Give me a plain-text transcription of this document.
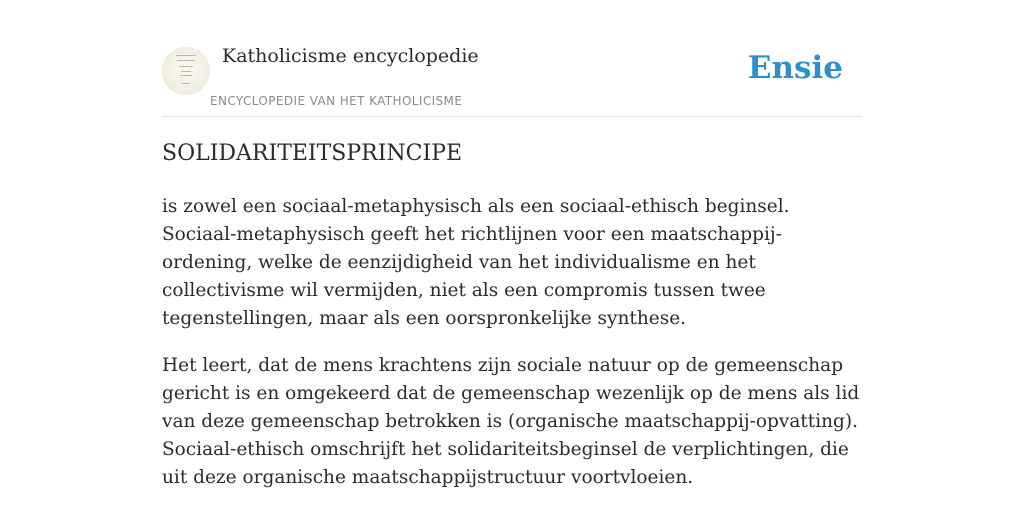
Katholicisme encyclopedie
ENCYCLOPEDIE VAN HET KATHOLICISME
Ensie
SOLIDARITEITSPRINCIPE

is zowel een sociaal-metaphysisch als een sociaal-ethisch beginsel. Sociaal-metaphysisch geeft het richtlijnen voor een maatschappij-ordening, welke de eenzijdigheid van het individualisme en het collectivisme wil vermijden, niet als een compromis tussen twee tegenstellingen, maar als een oorspronkelijke synthese.

Het leert, dat de mens krachtens zijn sociale natuur op de gemeenschap gericht is en omgekeerd dat de gemeenschap wezenlijk op de mens als lid van deze gemeenschap betrokken is (organische maatschappij-opvatting). Sociaal-ethisch omschrijft het solidariteitsbeginsel de verplichtingen, die uit deze organische maatschappijstructuur voortvloeien.
